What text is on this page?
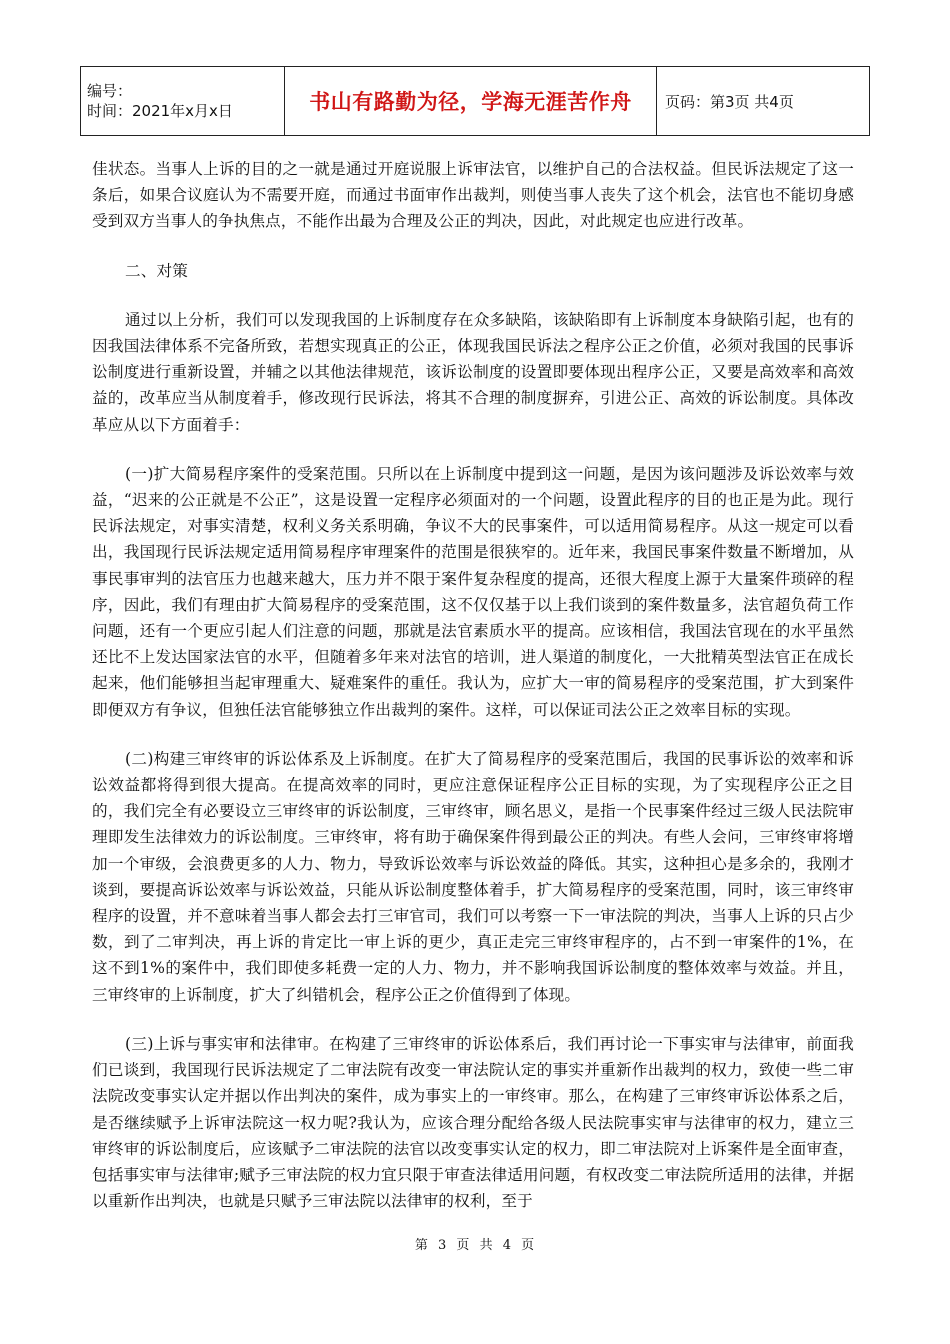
编号：
时间：2021年x月x日	书山有路勤为径，学海无涯苦作舟 页码：第3页 共4页

佳状态。当事人上诉的目的之一就是通过开庭说服上诉审法官，以维护自己的合法权益。但民诉法规定了这一条后，如果合议庭认为不需要开庭，而通过书面审作出裁判，则使当事人丧失了这个机会，法官也不能切身感受到双方当事人的争执焦点，不能作出最为合理及公正的判决，因此，对此规定也应进行改革。

二、对策

通过以上分析，我们可以发现我国的上诉制度存在众多缺陷，该缺陷即有上诉制度本身缺陷引起，也有的因我国法律体系不完备所致，若想实现真正的公正，体现我国民诉法之程序公正之价值，必须对我国的民事诉讼制度进行重新设置，并辅之以其他法律规范，该诉讼制度的设置即要体现出程序公正，又要是高效率和高效益的，改革应当从制度着手，修改现行民诉法，将其不合理的制度摒弃，引进公正、高效的诉讼制度。具体改革应从以下方面着手：

(一)扩大简易程序案件的受案范围。只所以在上诉制度中提到这一问题，是因为该问题涉及诉讼效率与效益，“迟来的公正就是不公正”，这是设置一定程序必须面对的一个问题，设置此程序的目的也正是为此。现行民诉法规定，对事实清楚，权利义务关系明确，争议不大的民事案件，可以适用简易程序。从这一规定可以看出，我国现行民诉法规定适用简易程序审理案件的范围是很狭窄的。近年来，我国民事案件数量不断增加，从事民事审判的法官压力也越来越大，压力并不限于案件复杂程度的提高，还很大程度上源于大量案件琐碎的程序，因此，我们有理由扩大简易程序的受案范围，这不仅仅基于以上我们谈到的案件数量多，法官超负荷工作问题，还有一个更应引起人们注意的问题，那就是法官素质水平的提高。应该相信，我国法官现在的水平虽然还比不上发达国家法官的水平，但随着多年来对法官的培训，进人渠道的制度化，一大批精英型法官正在成长起来，他们能够担当起审理重大、疑难案件的重任。我认为，应扩大一审的简易程序的受案范围，扩大到案件即便双方有争议，但独任法官能够独立作出裁判的案件。这样，可以保证司法公正之效率目标的实现。

(二)构建三审终审的诉讼体系及上诉制度。在扩大了简易程序的受案范围后，我国的民事诉讼的效率和诉讼效益都将得到很大提高。在提高效率的同时，更应注意保证程序公正目标的实现，为了实现程序公正之目的，我们完全有必要设立三审终审的诉讼制度，三审终审，顾名思义，是指一个民事案件经过三级人民法院审理即发生法律效力的诉讼制度。三审终审，将有助于确保案件得到最公正的判决。有些人会问，三审终审将增加一个审级，会浪费更多的人力、物力，导致诉讼效率与诉讼效益的降低。其实，这种担心是多余的，我刚才谈到，要提高诉讼效率与诉讼效益，只能从诉讼制度整体着手，扩大简易程序的受案范围，同时，该三审终审程序的设置，并不意味着当事人都会去打三审官司，我们可以考察一下一审法院的判决，当事人上诉的只占少数，到了二审判决，再上诉的肯定比一审上诉的更少，真正走完三审终审程序的，占不到一审案件的1%，在这不到1%的案件中，我们即使多耗费一定的人力、物力，并不影响我国诉讼制度的整体效率与效益。并且，三审终审的上诉制度，扩大了纠错机会，程序公正之价值得到了体现。

(三)上诉与事实审和法律审。在构建了三审终审的诉讼体系后，我们再讨论一下事实审与法律审，前面我们已谈到，我国现行民诉法规定了二审法院有改变一审法院认定的事实并重新作出裁判的权力，致使一些二审法院改变事实认定并据以作出判决的案件，成为事实上的一审终审。那么，在构建了三审终审诉讼体系之后，是否继续赋予上诉审法院这一权力呢?我认为，应该合理分配给各级人民法院事实审与法律审的权力，建立三审终审的诉讼制度后，应该赋予二审法院的法官以改变事实认定的权力，即二审法院对上诉案件是全面审查，包括事实审与法律审;赋予三审法院的权力宜只限于审查法律适用问题，有权改变二审法院所适用的法律，并据以重新作出判决，也就是只赋予三审法院以法律审的权利，至于

第 3 页 共 4 页
